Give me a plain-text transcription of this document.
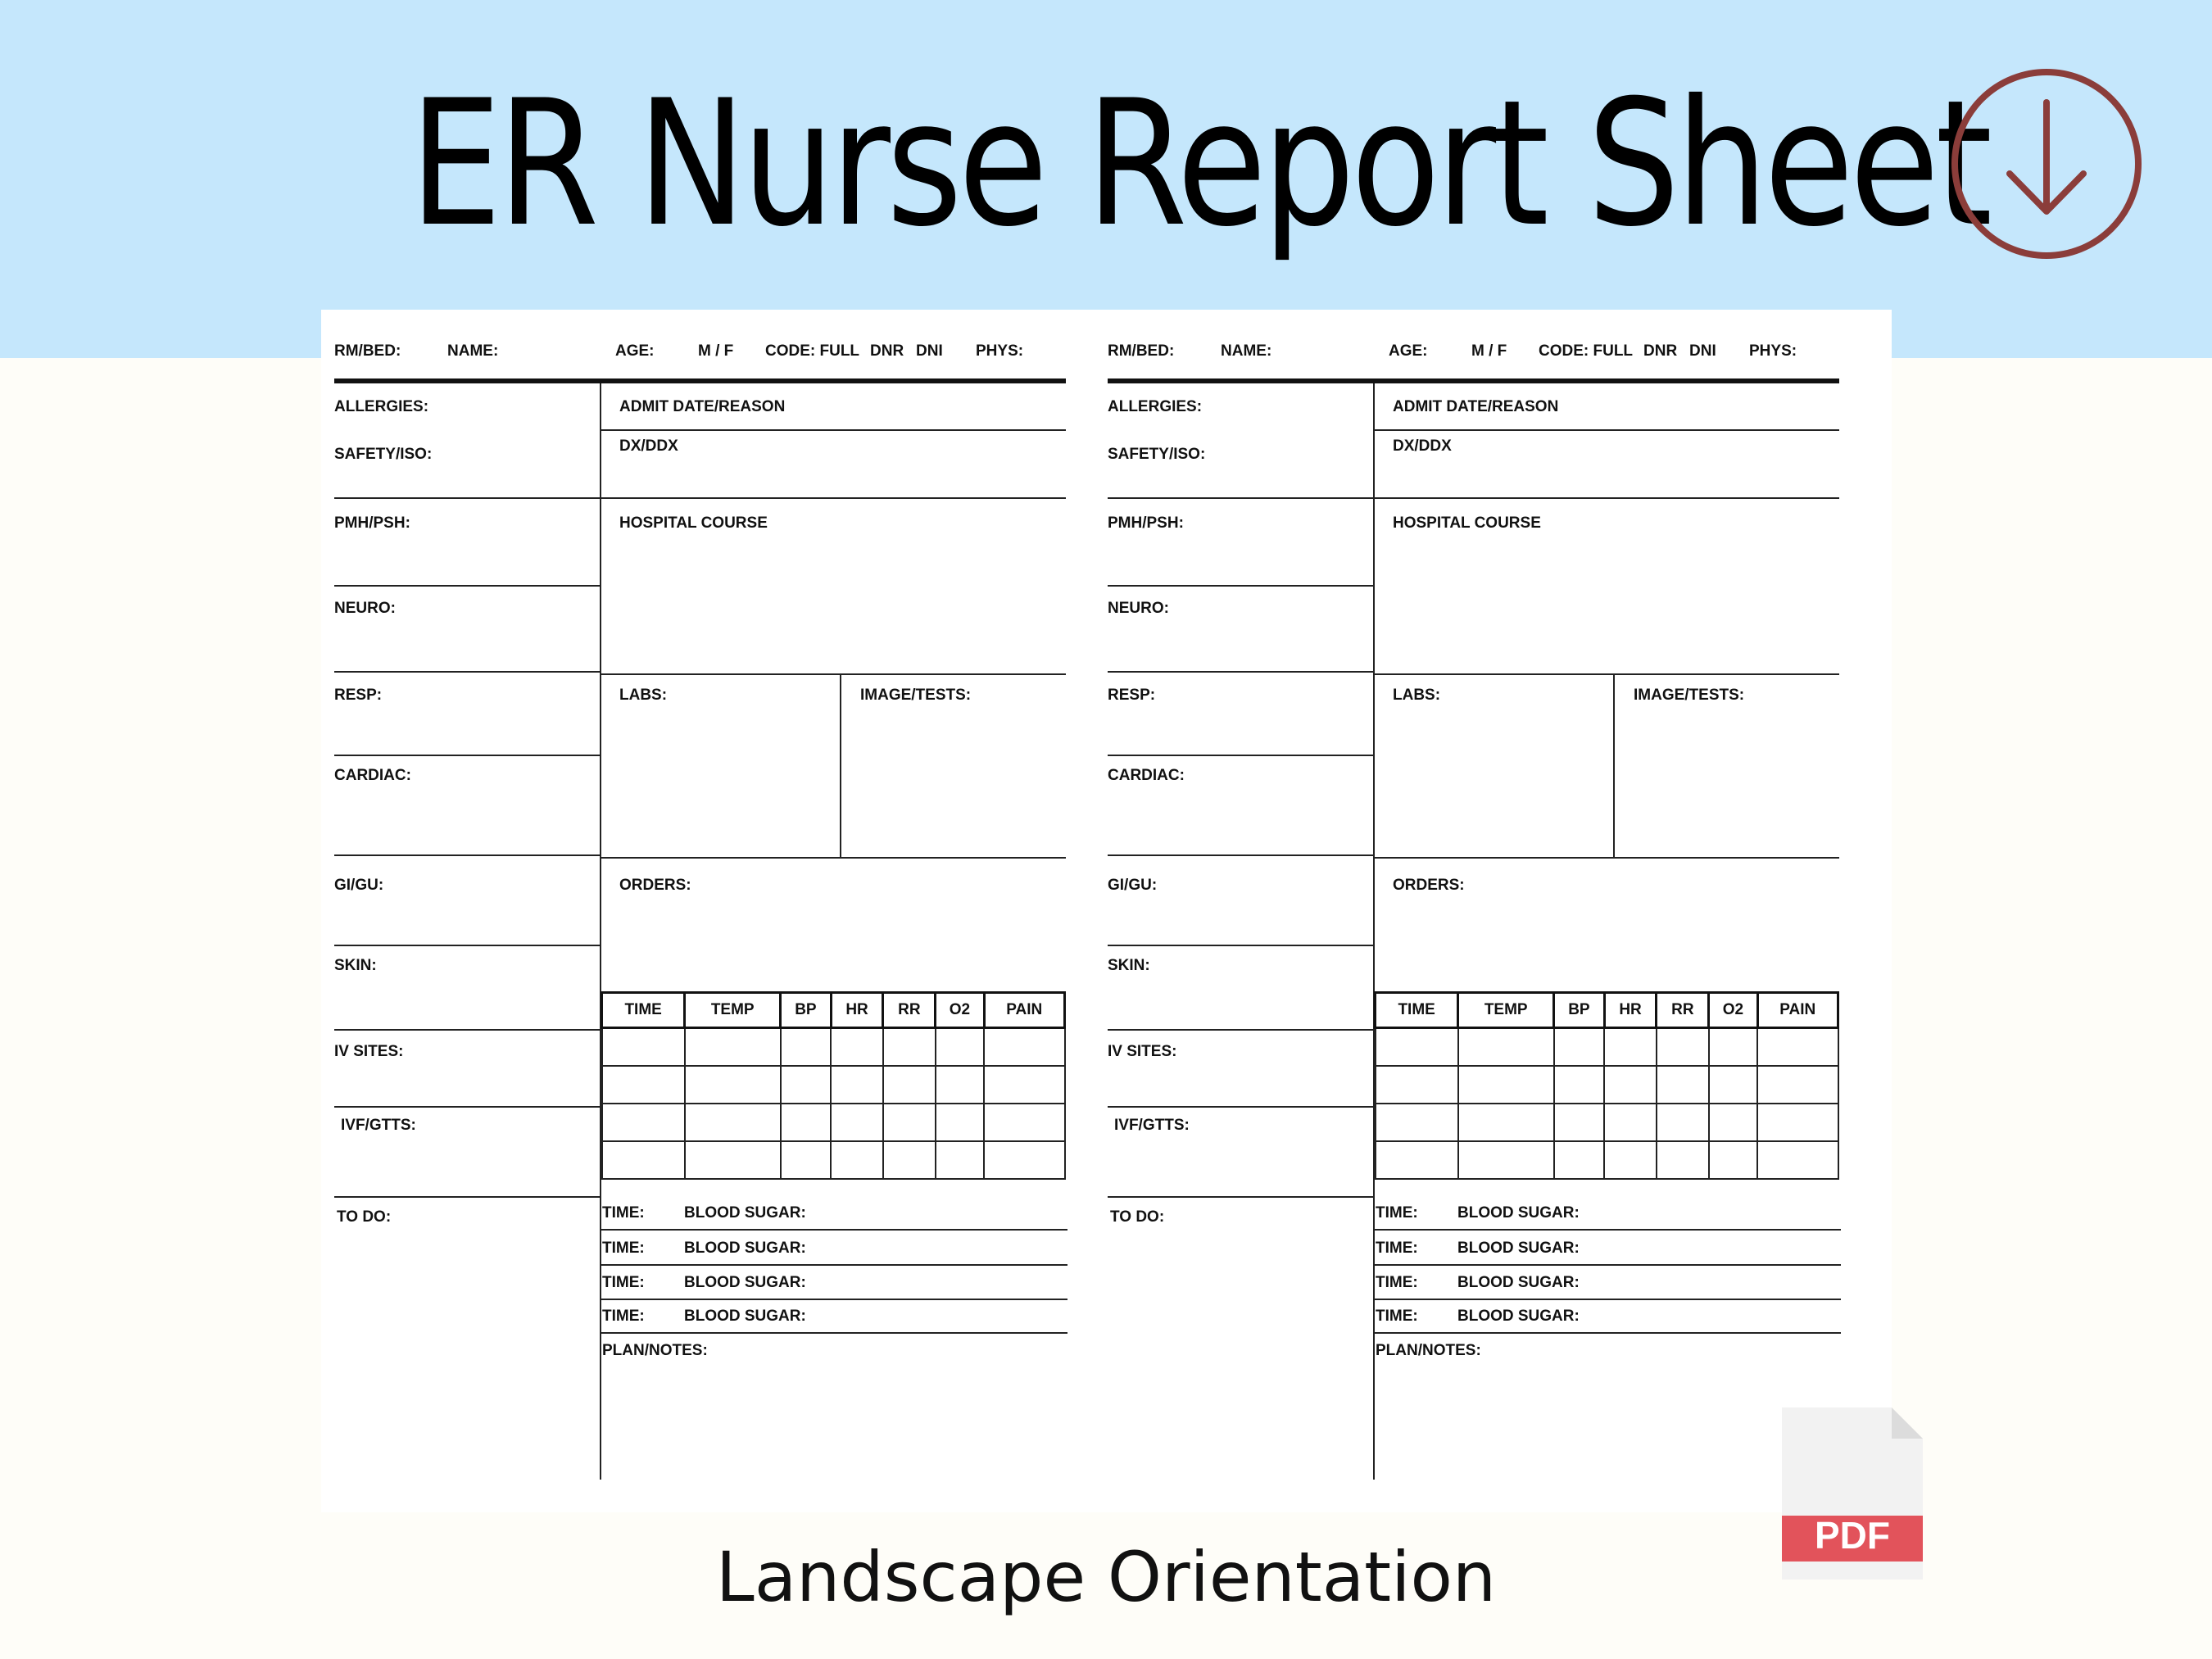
ER Nurse Report Sheet
RM/BED:	NAME:	AGE:	M / F CODE: FULL DNR DNI PHYS:
ALLERGIES:
SAFETY/ISO:
PMH/PSH:
NEURO:
RESP:
CARDIAC:
GI/GU:
SKIN:
IV SITES:
IVF/GTTS:
TO DO:
ADMIT DATE/REASON
DX/DDX
HOSPITAL COURSE
LABS:	IMAGE/TESTS:
ORDERS:
TIME	TEMP	BP	HR	RR	O2	PAIN

TIME:	BLOOD SUGAR:
TIME:	BLOOD SUGAR:
TIME:	BLOOD SUGAR:
TIME:	BLOOD SUGAR:
PLAN/NOTES:
RM/BED:	NAME:	AGE:	M / F CODE: FULL DNR DNI PHYS:
ALLERGIES:
SAFETY/ISO:
PMH/PSH:
NEURO:
RESP:
CARDIAC:
GI/GU:
SKIN:
IV SITES:
IVF/GTTS:
TO DO:
ADMIT DATE/REASON
DX/DDX
HOSPITAL COURSE
LABS:	IMAGE/TESTS:
ORDERS:
TIME	TEMP	BP	HR	RR	O2	PAIN

TIME:	BLOOD SUGAR:
TIME:	BLOOD SUGAR:
TIME:	BLOOD SUGAR:
TIME:	BLOOD SUGAR:
PLAN/NOTES:
Landscape Orientation
PDF
